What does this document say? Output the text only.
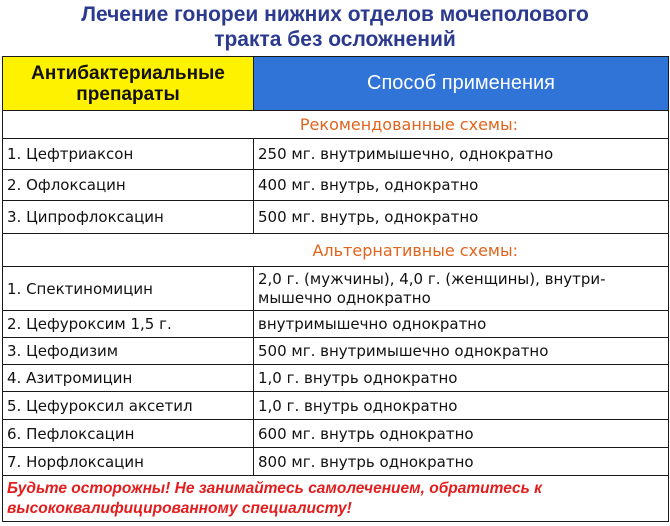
Лечение гонореи нижних отделов мочеполового
тракта без осложнений
Антибактериальные
препараты	Способ применения
Рекомендованные схемы:	
1. Цефтриаксон	250 мг. внутримышечно, однократно
2. Офлоксацин	400 мг. внутрь, однократно
3. Ципрофлоксацин	500 мг. внутрь, однократно
Альтернативные схемы:	
1. Спектиномицин	2,0 г. (мужчины), 4,0 г. (женщины), внутри-
мышечно однократно

2. Цефуроксим 1,5 г.	внутримышечно однократно
3. Цефодизим	500 мг. внутримышечно однократно
4. Азитромицин	1,0 г. внутрь однократно
5. Цефуроксил аксетил	1,0 г. внутрь однократно
6. Пефлоксацин	600 мг. внутрь однократно
7. Норфлоксацин	800 мг. внутрь однократно

Будьте осторожны! Не занимайтесь самолечением, обратитесь к
высококвалифицированному специалисту!	
